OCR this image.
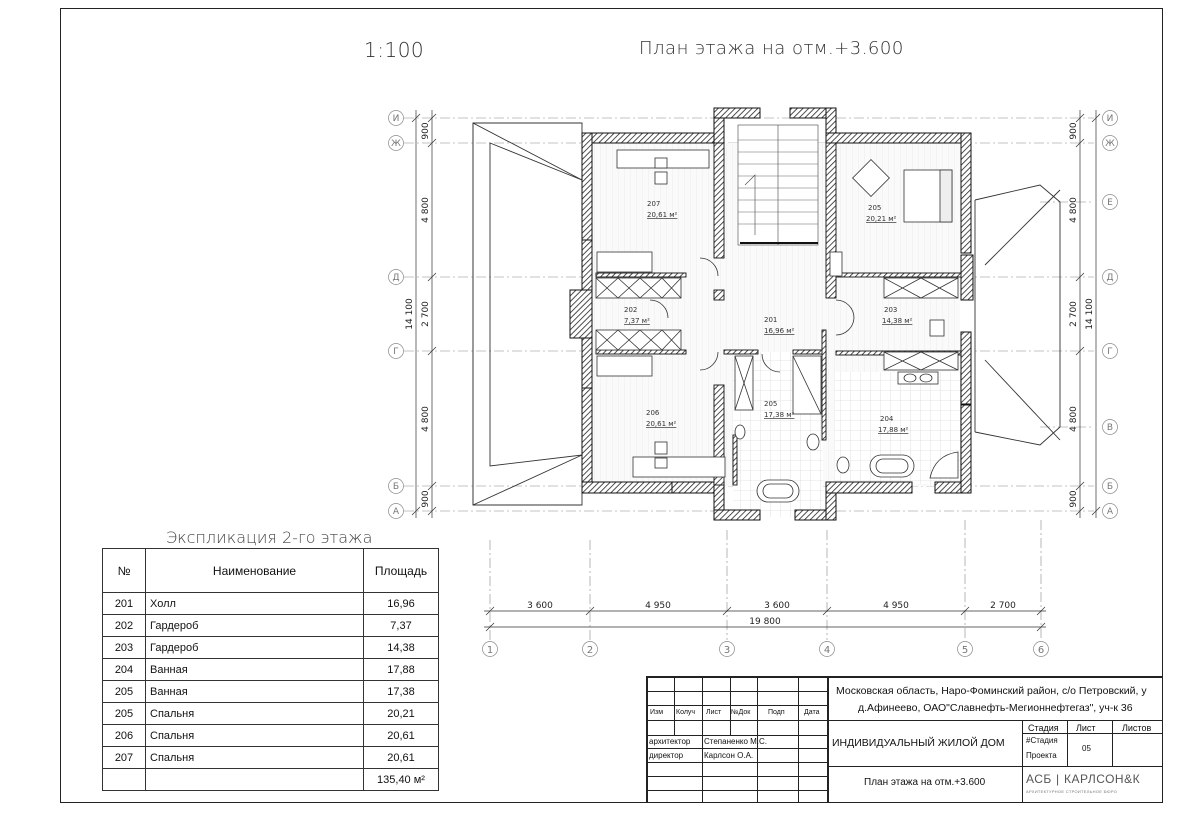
1:100	План этажа на отм.+3.600
207
20,61 м²
205
20,21 м²
202
7,37 м²	201
16,96 м²
203
14,38 м²
206
20,61 м²
205
17,38 м²	204
17,88 м²
И
Ж
Д
Г
Б
А
И
Ж
Е
Д
Г
В
Б
А
1	2	3	4	5	6
900
4 800
2 700
4 800
900
14 100
900
4 800
2 700
4 800
900
14 100
3 600	4 950	3 600	4 950	2 700
19 800
Экспликация 2-го этажа
№	Наименование	Площадь
201	Холл	16,96
202	Гардероб	7,37
203	Гардероб	14,38
204	Ванная	17,88
205	Ванная	17,38
205	Спальня	20,21
206	Спальня	20,61
207	Спальня	20,61
		135,40 м²
Изм Колуч Лист №Док	Подп	Дата
архитектор Степаненко М.С.
директор	Карлсон О.А.
Московская область, Наро-Фоминский район, с/о Петровский, у
д.Афинеево, ОАО"Славнефть-Мегионнефтегаз", уч-к 36
ИНДИВИДУАЛЬНЫЙ ЖИЛОЙ ДОМ
Стадия Лист	Листов
#Стадия
Проекта
05
План этажа на отм.+3.600	АСБ | КАРЛСОН&К
АРХИТЕКТУРНОЕ СТРОИТЕЛЬНОЕ БЮРО
